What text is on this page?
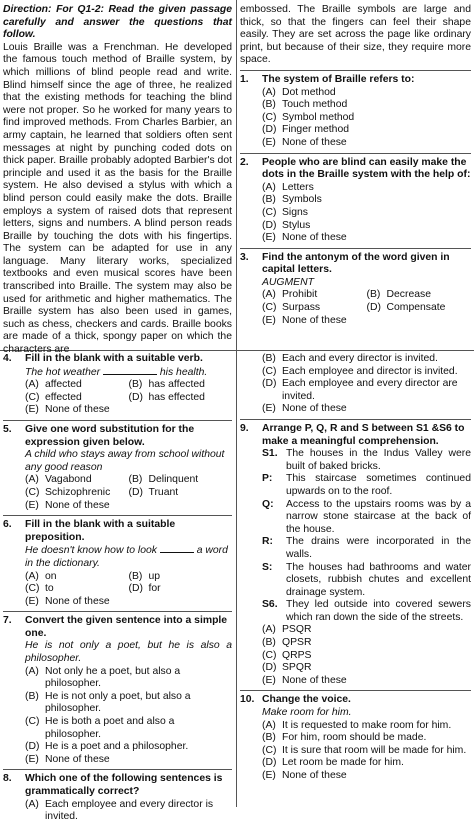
Direction: For Q1-2: Read the given passage carefully and answer the questions that follow.
Louis Braille was a Frenchman. He developed the famous touch method of Braille system, by which millions of blind people read and write. Blind himself since the age of three, he realized that the existing methods for teaching the blind were not proper. So he worked for many years to find improved methods. From Charles Barbier, an army captain, he learned that soldiers often sent messages at night by punching coded dots on thick paper. Braille probably adopted Barbier's dot principle and used it as the basis for the Braille system. He also devised a stylus with which a blind person could easily make the dots. Braille employs a system of raised dots that represent letters, signs and numbers. A blind person reads Braille by touching the dots with his fingertips. The system can be adapted for use in any language. Many literary works, specialized textbooks and even musical scores have been transcribed into Braille. The system may also be used for arithmetic and higher mathematics. The Braille system has also been used in games, such as chess, checkers and cards. Braille books are made of a thick, spongy paper on which the characters are
embossed. The Braille symbols are large and thick, so that the fingers can feel their shape easily. They are set across the page like ordinary print, but because of their size, they require more space.
1.	The system of Braille refers to:
(A) Dot method
(B) Touch method
(C) Symbol method
(D) Finger method
(E) None of these
2.	People who are blind can easily make the dots in the Braille system with the help of:
(A) Letters
(B) Symbols
(C) Signs
(D) Stylus
(E) None of these
3.	Find the antonym of the word given in capital letters.
AUGMENT
(A) Prohibit	(B) Decrease
(C) Surpass	(D) Compensate
(E) None of these
4.	Fill in the blank with a suitable verb.
The hot weather	his health.
(A) affected	(B) has affected
(C) effected	(D) has effected
(E) None of these
5.	Give one word substitution for the expression given below.
A child who stays away from school without any good reason
(A) Vagabond	(B) Delinquent
(C) Schizophrenic	(D) Truant
(E) None of these
6.	Fill in the blank with a suitable preposition.
He doesn't know how to look	a word in the dictionary.
(A) on	(B) up
(C) to	(D) for
(E) None of these
7.	Convert the given sentence into a simple one.
He is not only a poet, but he is also a philosopher.
(A) Not only he a poet, but also a philosopher.
(B) He is not only a poet, but also a philosopher.
(C) He is both a poet and also a philosopher.
(D) He is a poet and a philosopher.
(E) None of these
8.	Which one of the following sentences is grammatically correct?
(A) Each employee and every director is invited.
(B) Each and every director is invited.
(C) Each employee and director is invited.
(D) Each employee and every director are invited.
(E) None of these
9.	Arrange P, Q, R and S between S1 &S6 to make a meaningful comprehension.
S1. The houses in the Indus Valley were built of baked bricks.
P:	This staircase sometimes continued upwards on to the roof.
Q:	Access to the upstairs rooms was by a narrow stone staircase at the back of the house.
R:	The drains were incorporated in the walls.
S:	The houses had bathrooms and water closets, rubbish chutes and excellent drainage system.
S6. They led outside into covered sewers which ran down the side of the streets.
(A) PSQR
(B) QPSR
(C) QRPS
(D) SPQR
(E) None of these
10. Change the voice.
Make room for him.
(A) It is requested to make room for him.
(B) For him, room should be made.
(C) It is sure that room will be made for him.
(D) Let room be made for him.
(E) None of these
